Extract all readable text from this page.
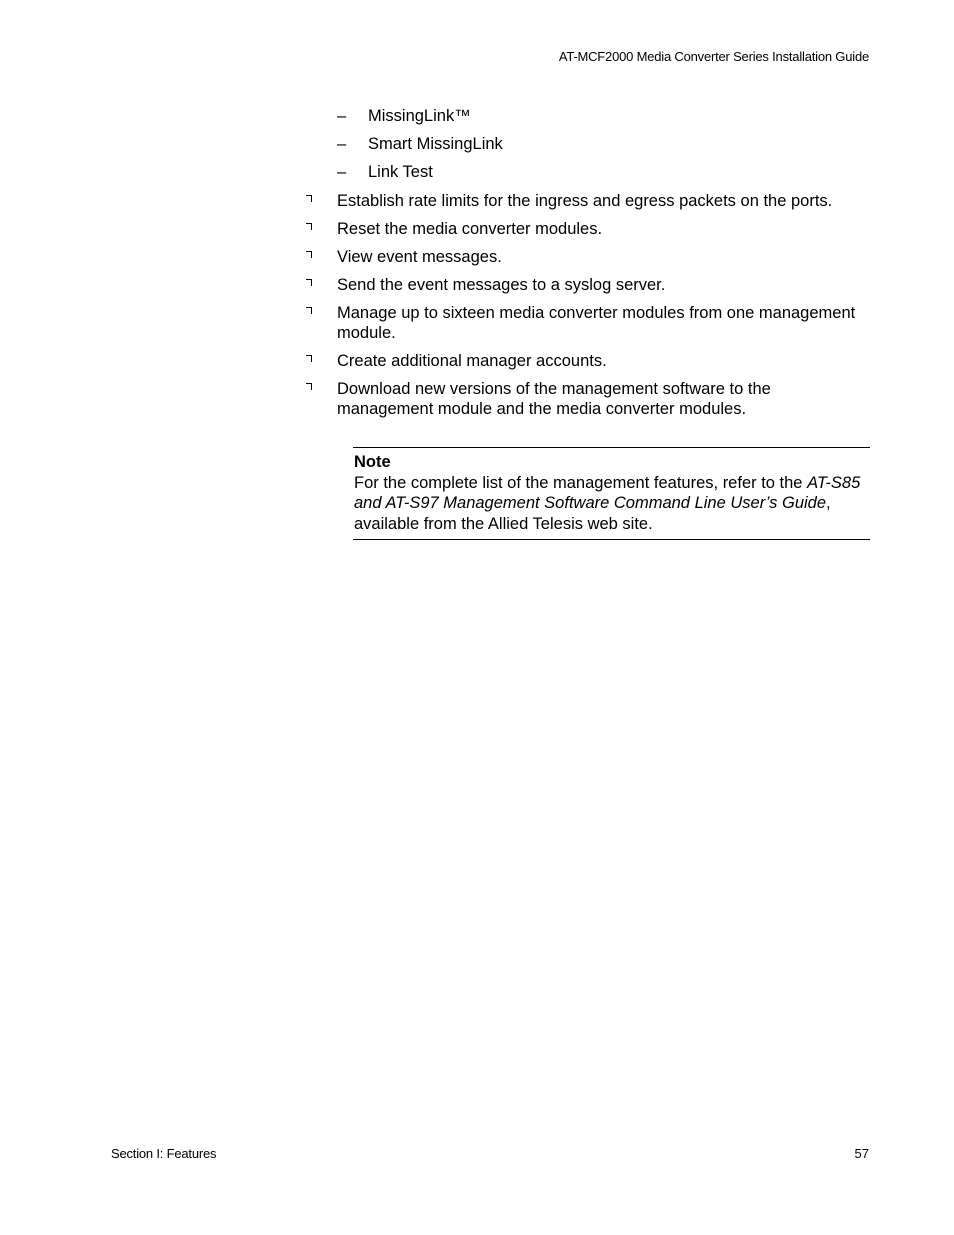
AT-MCF2000 Media Converter Series Installation Guide
– MissingLink™
– Smart MissingLink
– Link Test
Establish rate limits for the ingress and egress packets on the ports.
Reset the media converter modules.
View event messages.
Send the event messages to a syslog server.
Manage up to sixteen media converter modules from one management module.
Create additional manager accounts.
Download new versions of the management software to the management module and the media converter modules.
Note
For the complete list of the management features, refer to the AT-S85 and AT-S97 Management Software Command Line User’s Guide, available from the Allied Telesis web site.
Section I: Features	57
